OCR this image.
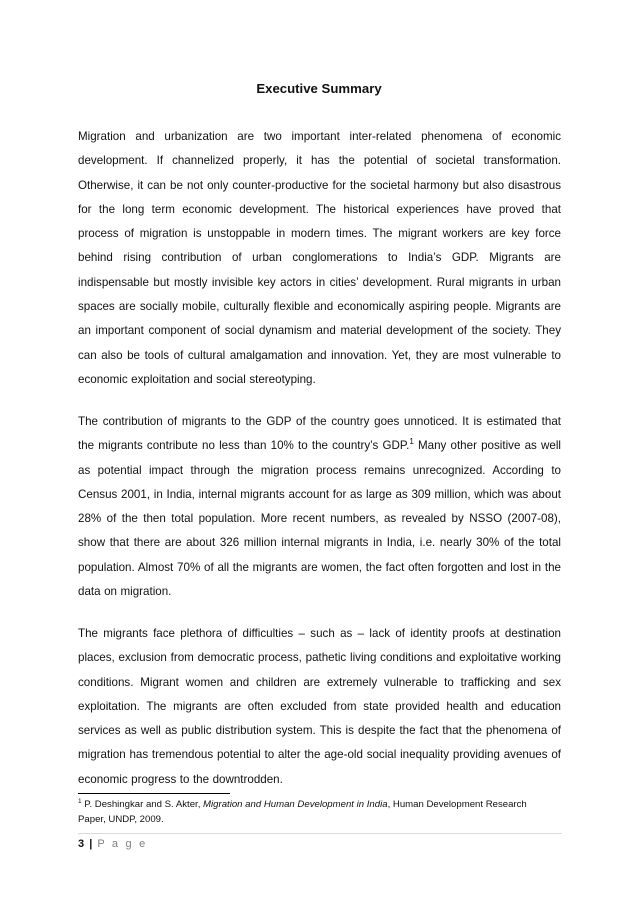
Executive Summary

Migration and urbanization are two important inter-related phenomena of economic development. If channelized properly, it has the potential of societal transformation. Otherwise, it can be not only counter-productive for the societal harmony but also disastrous for the long term economic development. The historical experiences have proved that process of migration is unstoppable in modern times. The migrant workers are key force behind rising contribution of urban conglomerations to India’s GDP. Migrants are indispensable but mostly invisible key actors in cities’ development. Rural migrants in urban spaces are socially mobile, culturally flexible and economically aspiring people. Migrants are an important component of social dynamism and material development of the society. They can also be tools of cultural amalgamation and innovation. Yet, they are most vulnerable to economic exploitation and social stereotyping.

The contribution of migrants to the GDP of the country goes unnoticed. It is estimated that the migrants contribute no less than 10% to the country’s GDP.$^1$ Many other positive as well as potential impact through the migration process remains unrecognized. According to Census 2001, in India, internal migrants account for as large as 309 million, which was about 28% of the then total population. More recent numbers, as revealed by NSSO (2007-08), show that there are about 326 million internal migrants in India, i.e. nearly 30% of the total population. Almost 70% of all the migrants are women, the fact often forgotten and lost in the data on migration.

The migrants face plethora of difficulties – such as – lack of identity proofs at destination places, exclusion from democratic process, pathetic living conditions and exploitative working conditions. Migrant women and children are extremely vulnerable to trafficking and sex exploitation. The migrants are often excluded from state provided health and education services as well as public distribution system. This is despite the fact that the phenomena of migration has tremendous potential to alter the age-old social inequality providing avenues of economic progress to the downtrodden.

$^1$ P. Deshingkar and S. Akter, Migration and Human Development in India, Human Development Research Paper, UNDP, 2009.
3 | P a g e
